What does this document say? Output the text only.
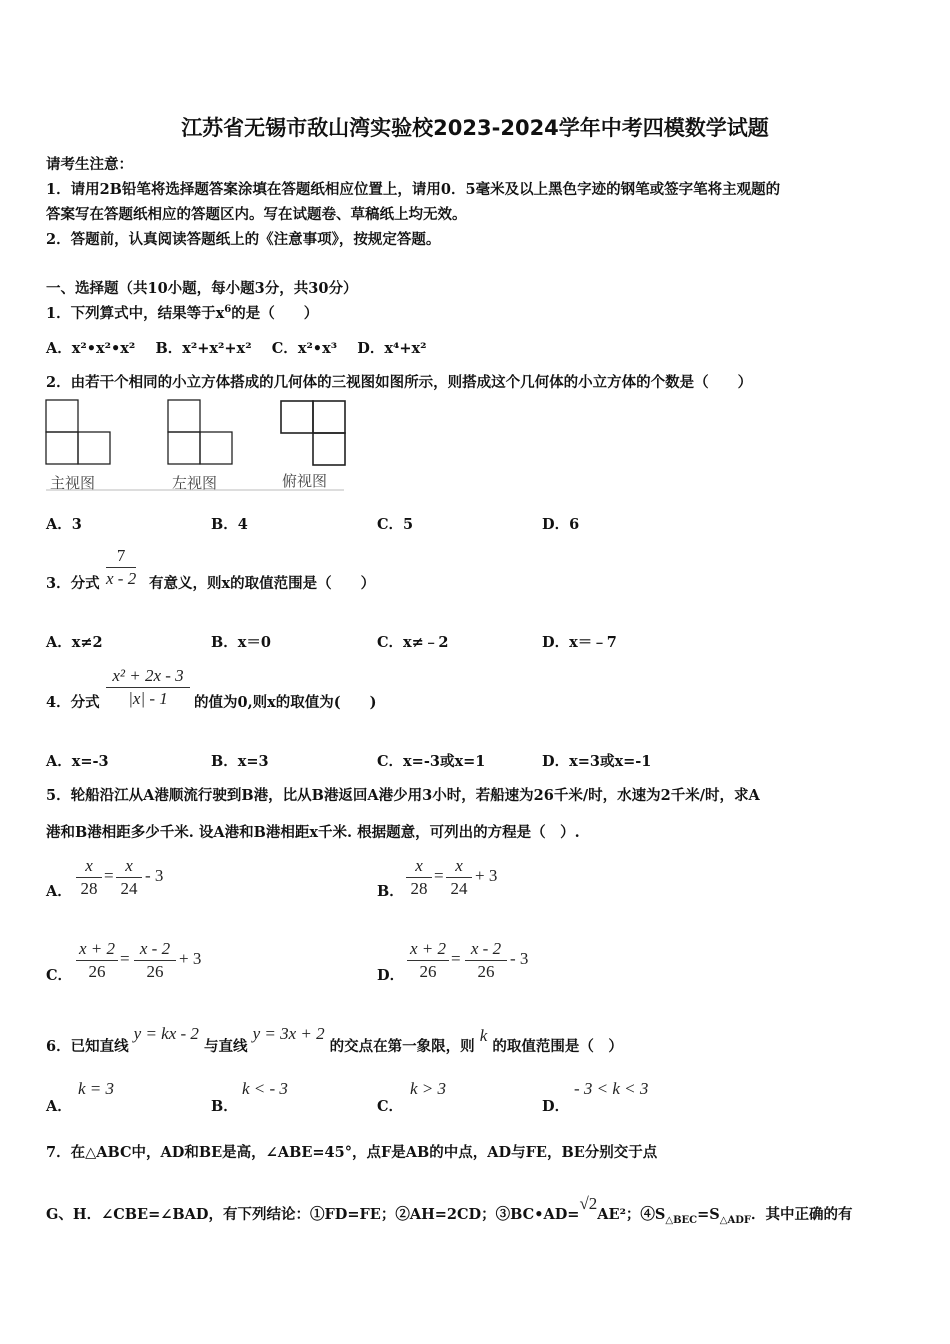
江苏省无锡市敌山湾实验校2023-2024学年中考四模数学试题
请考生注意：
1．请用2B铅笔将选择题答案涂填在答题纸相应位置上，请用0．5毫米及以上黑色字迹的钢笔或签字笔将主观题的
答案写在答题纸相应的答题区内。写在试题卷、草稿纸上均无效。
2．答题前，认真阅读答题纸上的《注意事项》，按规定答题。
一、选择题（共10小题，每小题3分，共30分）
1．下列算式中，结果等于$x^6$的是（　　）
A．x²•x²•x² B．x²+x²+x² C．x²•x³ D．x⁴+x²
2．由若干个相同的小立方体搭成的几何体的三视图如图所示，则搭成这个几何体的小立方体的个数是（　　）
主视图	左视图	俯视图
A．3	B．4	C．5	D．6
3．分式 $\frac{7}{x - 2}$ 有意义，则x的取值范围是（　　）
A．x≠2	B．x＝0	C．x≠﹣2	D．x＝﹣7
4．分式 $\frac{\text{x² + 2x - 3}}{|x| - 1}$ 的值为0,则x的取值为(　　)
A．x=-3	B．x=3	C．x=-3或x=1	D．x=3或x=-1
5．轮船沿江从A港顺流行驶到B港，比从B港返回A港少用3小时，若船速为26千米/时，水速为2千米/时，求A
港和B港相距多少千米. 设A港和B港相距x千米. 根据题意，可列出的方程是（　）.
A． $\frac{x}{28} = \frac{x}{24} - 3$
B． $\frac{x}{28} = \frac{x}{24} + 3$
C． $\frac{x + 2}{26} = \frac{x - 2}{26} + 3$
D． $\frac{x + 2}{26} = \frac{x - 2}{26} - 3$
6．已知直线 y = kx - 2 与直线 y = 3x + 2 的交点在第一象限，则 k 的取值范围是（　）
A．
k = 3
B．
k < - 3
C．
k > 3
D．
- 3 < k < 3
7．在△ABC中，AD和BE是高，∠ABE=45°，点F是AB的中点，AD与FE，BE分别交于点
G、H．∠CBE=∠BAD，有下列结论：①FD=FE；②AH=2CD；③BC•AD=√2AE²；$④S_{\triangle BEC}=S_{\triangle ADF}$．其中正确的有
